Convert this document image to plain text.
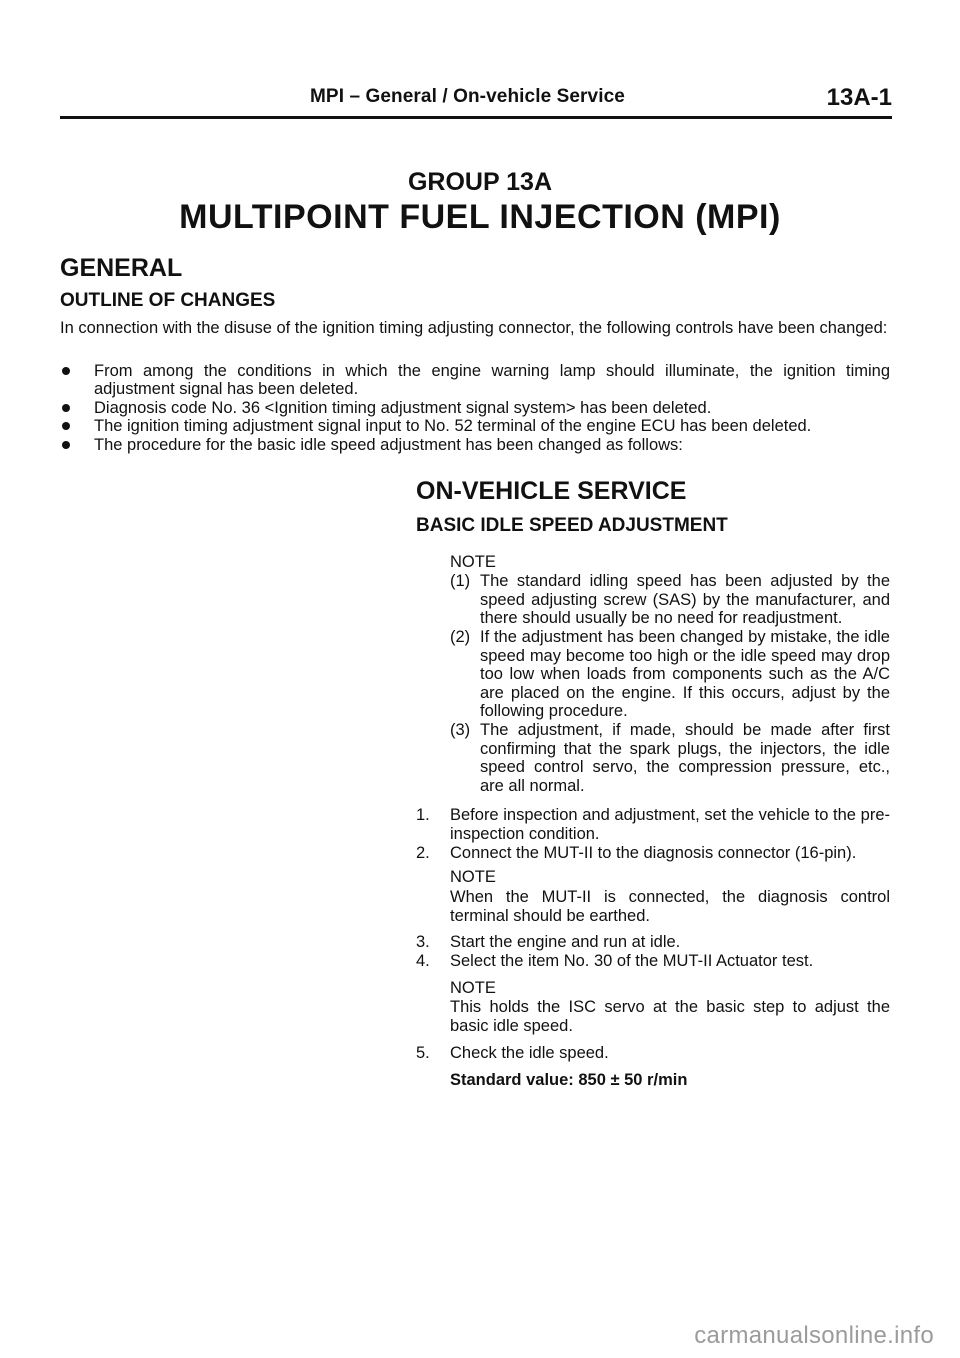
MPI – General / On-vehicle Service	13A-1
GROUP 13A
MULTIPOINT FUEL INJECTION (MPI)
GENERAL
OUTLINE OF CHANGES
In connection with the disuse of the ignition timing adjusting connector, the following controls have been changed:
From among the conditions in which the engine warning lamp should illuminate, the ignition timing adjustment signal has been deleted.
Diagnosis code No. 36 <Ignition timing adjustment signal system> has been deleted.
The ignition timing adjustment signal input to No. 52 terminal of the engine ECU has been deleted.
The procedure for the basic idle speed adjustment has been changed as follows:
ON-VEHICLE SERVICE
BASIC IDLE SPEED ADJUSTMENT
NOTE
(1) The standard idling speed has been adjusted by the speed adjusting screw (SAS) by the manufacturer, and there should usually be no need for readjustment.
(2) If the adjustment has been changed by mistake, the idle speed may become too high or the idle speed may drop too low when loads from components such as the A/C are placed on the engine. If this occurs, adjust by the following procedure.
(3) The adjustment, if made, should be made after first confirming that the spark plugs, the injectors, the idle speed control servo, the compression pressure, etc., are all normal.
1. Before inspection and adjustment, set the vehicle to the pre-inspection condition.
2. Connect the MUT-II to the diagnosis connector (16-pin).
NOTE
When the MUT-II is connected, the diagnosis control terminal should be earthed.
3. Start the engine and run at idle.
4. Select the item No. 30 of the MUT-II Actuator test.
NOTE
This holds the ISC servo at the basic step to adjust the basic idle speed.
5. Check the idle speed.
Standard value: 850 ± 50 r/min
carmanualsonline.info
